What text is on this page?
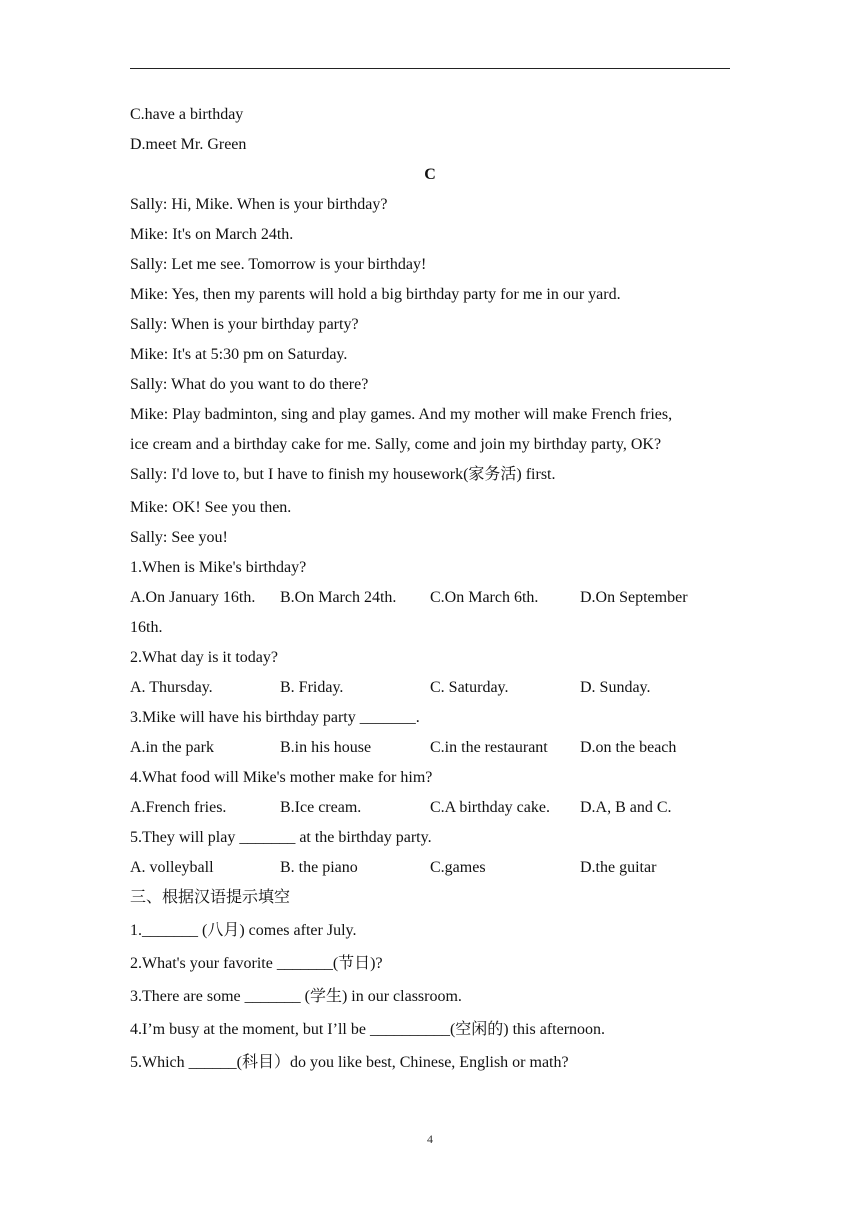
C.have a birthday
D.meet Mr. Green
C
Sally: Hi, Mike. When is your birthday?
Mike: It's on March 24th.
Sally: Let me see. Tomorrow is your birthday!
Mike: Yes, then my parents will hold a big birthday party for me in our yard.
Sally: When is your birthday party?
Mike: It's at 5:30 pm on Saturday.
Sally: What do you want to do there?
Mike: Play badminton, sing and play games. And my mother will make French fries,
ice cream and a birthday cake for me. Sally, come and join my birthday party, OK?
Sally: I'd love to, but I have to finish my housework(家务活) first.
Mike: OK! See you then.
Sally: See you!
1.When is Mike's birthday?
A.On January 16th.	B.On March 24th.	C.On March 6th.	D.On September
16th.
2.What day is it today?
A. Thursday.	B. Friday.	C. Saturday.	D. Sunday.
3.Mike will have his birthday party _______.
A.in the park	B.in his house	C.in the restaurant	D.on the beach
4.What food will Mike's mother make for him?
A.French fries.	B.Ice cream.	C.A birthday cake.	D.A, B and C.
5.They will play _______ at the birthday party.
A. volleyball	B. the piano	C.games	D.the guitar
三、根据汉语提示填空
1._______ (八月) comes after July.
2.What's your favorite _______(节日)?
3.There are some _______ (学生) in our classroom.
4.I’m busy at the moment, but I’ll be __________(空闲的) this afternoon.
5.Which ______(科目）do you like best, Chinese, English or math?
4
